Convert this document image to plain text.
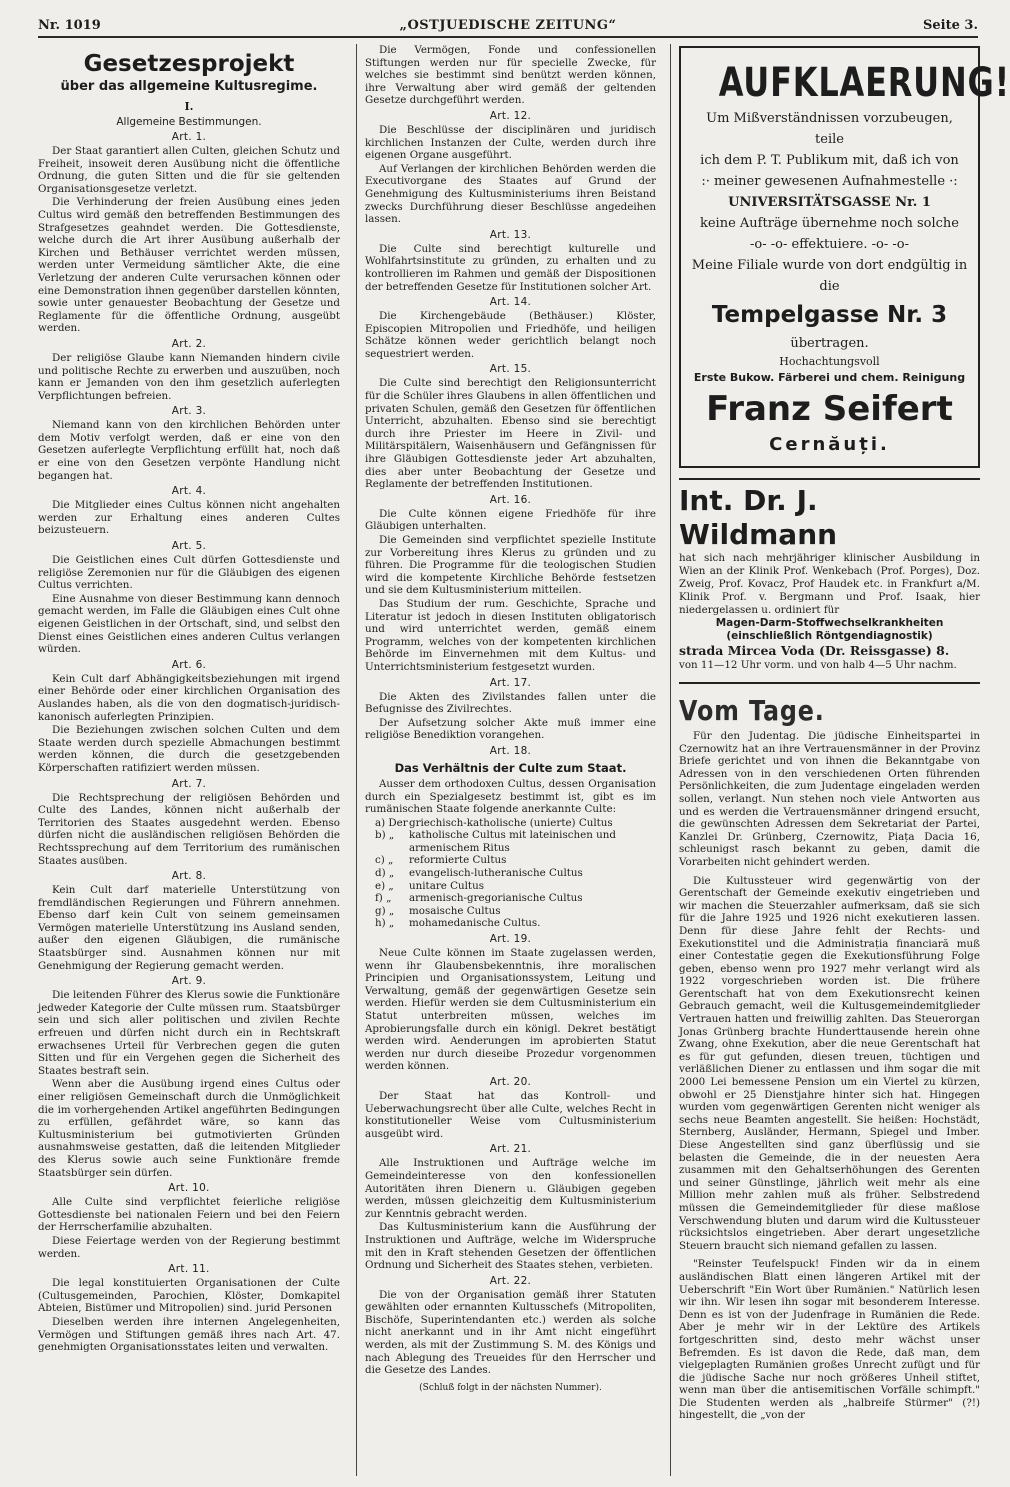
Nr. 1019	„OSTJUEDISCHE ZEITUNG“	Seite 3.
Gesetzesprojekt
über das allgemeine Kultusregime.
I.
Allgemeine Bestimmungen.
Art. 1.

Der Staat garantiert allen Culten, gleichen Schutz und Freiheit, insoweit deren Ausübung nicht die öffentliche Ordnung, die guten Sitten und die für sie geltenden Organisationsgesetze verletzt.

Die Verhinderung der freien Ausübung eines jeden Cultus wird gemäß den betreffenden Bestimmungen des Strafgesetzes geahndet werden. Die Gottesdienste, welche durch die Art ihrer Ausübung außerhalb der Kirchen und Bethäuser verrichtet werden müssen, werden unter Vermeidung sämtlicher Akte, die eine Verletzung der anderen Culte verursachen können oder eine Demonstration ihnen gegenüber darstellen könnten, sowie unter genauester Beobachtung der Gesetze und Reglamente für die öffentliche Ordnung, ausgeübt werden.

Art. 2.

Der religiöse Glaube kann Niemanden hindern civile und politische Rechte zu erwerben und auszuüben, noch kann er Jemanden von den ihm gesetzlich auferlegten Verpflichtungen befreien.

Art. 3.

Niemand kann von den kirchlichen Behörden unter dem Motiv verfolgt werden, daß er eine von den Gesetzen auferlegte Verpflichtung erfüllt hat, noch daß er eine von den Gesetzen verpönte Handlung nicht begangen hat.

Art. 4.

Die Mitglieder eines Cultus können nicht angehalten werden zur Erhaltung eines anderen Cultes beizusteuern.

Art. 5.

Die Geistlichen eines Cult dürfen Gottesdienste und religiöse Zeremonien nur für die Gläubigen des eigenen Cultus verrichten.

Eine Ausnahme von dieser Bestimmung kann dennoch gemacht werden, im Falle die Gläubigen eines Cult ohne eigenen Geistlichen in der Ortschaft, sind, und selbst den Dienst eines Geistlichen eines anderen Cultus verlangen würden.

Art. 6.

Kein Cult darf Abhängigkeitsbeziehungen mit irgend einer Behörde oder einer kirchlichen Organisation des Auslandes haben, als die von den dogmatisch-juridisch-kanonisch auferlegten Prinzipien.

Die Beziehungen zwischen solchen Culten und dem Staate werden durch spezielle Abmachungen bestimmt werden können, die durch die gesetzgebenden Körperschaften ratifiziert werden müssen.

Art. 7.

Die Rechtsprechung der religiösen Behörden und Culte des Landes, können nicht außerhalb der Territorien des Staates ausgedehnt werden. Ebenso dürfen nicht die ausländischen religiösen Behörden die Rechtssprechung auf dem Territorium des rumänischen Staates ausüben.

Art. 8.

Kein Cult darf materielle Unterstützung von fremdländischen Regierungen und Führern annehmen. Ebenso darf kein Cult von seinem gemeinsamen Vermögen materielle Unterstützung ins Ausland senden, außer den eigenen Gläubigen, die rumänische Staatsbürger sind. Ausnahmen können nur mit Genehmigung der Regierung gemacht werden.

Art. 9.

Die leitenden Führer des Klerus sowie die Funktionäre jedweder Kategorie der Culte müssen rum. Staatsbürger sein und sich aller politischen und zivilen Rechte erfreuen und dürfen nicht durch ein in Rechtskraft erwachsenes Urteil für Verbrechen gegen die guten Sitten und für ein Vergehen gegen die Sicherheit des Staates bestraft sein.

Wenn aber die Ausübung irgend eines Cultus oder einer religiösen Gemeinschaft durch die Unmöglichkeit die im vorhergehenden Artikel angeführten Bedingungen zu erfüllen, gefährdet wäre, so kann das Kultusministerium bei gutmotivierten Gründen ausnahmsweise gestatten, daß die leitenden Mitglieder des Klerus sowie auch seine Funktionäre fremde Staatsbürger sein dürfen.

Art. 10.

Alle Culte sind verpflichtet feierliche religiöse Gottesdienste bei nationalen Feiern und bei den Feiern der Herrscherfamilie abzuhalten.

Diese Feiertage werden von der Regierung bestimmt werden.

Art. 11.

Die legal konstituierten Organisationen der Culte (Cultusgemeinden, Parochien, Klöster, Domkapitel Abteien, Bistümer und Mitropolien) sind. jurid Personen

Dieselben werden ihre internen Angelegenheiten, Vermögen und Stiftungen gemäß ihres nach Art. 47. genehmigten Organisationsstates leiten und verwalten.

Die Vermögen, Fonde und confessionellen Stiftungen werden nur für specielle Zwecke, für welches sie bestimmt sind benützt werden können, ihre Verwaltung aber wird gemäß der geltenden Gesetze durchgeführt werden.

Art. 12.

Die Beschlüsse der disciplinären und juridisch kirchlichen Instanzen der Culte, werden durch ihre eigenen Organe ausgeführt.

Auf Verlangen der kirchlichen Behörden werden die Executivorgane des Staates auf Grund der Genehmigung des Kultusministeriums ihren Beistand zwecks Durchführung dieser Beschlüsse angedeihen lassen.

Art. 13.

Die Culte sind berechtigt kulturelle und Wohlfahrtsinstitute zu gründen, zu erhalten und zu kontrollieren im Rahmen und gemäß der Dispositionen der betreffenden Gesetze für Institutionen solcher Art.

Art. 14.

Die Kirchengebäude (Bethäuser.) Klöster, Episcopien Mitropolien und Friedhöfe, und heiligen Schätze können weder gerichtlich belangt noch sequestriert werden.

Art. 15.

Die Culte sind berechtigt den Religionsunterricht für die Schüler ihres Glaubens in allen öffentlichen und privaten Schulen, gemäß den Gesetzen für öffentlichen Unterricht, abzuhalten. Ebenso sind sie berechtigt durch ihre Priester im Heere in Zivil- und Militärspitälern, Waisenhäusern und Gefängnissen für ihre Gläubigen Gottesdienste jeder Art abzuhalten, dies aber unter Beobachtung der Gesetze und Reglamente der betreffenden Institutionen.

Art. 16.

Die Culte können eigene Friedhöfe für ihre Gläubigen unterhalten.

Die Gemeinden sind verpflichtet spezielle Institute zur Vorbereitung ihres Klerus zu gründen und zu führen. Die Programme für die teologischen Studien wird die kompetente Kirchliche Behörde festsetzen und sie dem Kultusministerium mitteilen.

Das Studium der rum. Geschichte, Sprache und Literatur ist jedoch in diesen Instituten obligatorisch und wird unterrichtet werden, gemäß einem Programm, welches von der kompetenten kirchlichen Behörde im Einvernehmen mit dem Kultus- und Unterrichtsministerium festgesetzt wurden.

Art. 17.

Die Akten des Zivilstandes fallen unter die Befugnisse des Zivilrechtes.

Der Aufsetzung solcher Akte muß immer eine religiöse Benediktion vorangehen.

Art. 18.
Das Verhältnis der Culte zum Staat.

Ausser dem orthodoxen Cultus, dessen Organisation durch ein Spezialgesetz bestimmt ist, gibt es im rumänischen Staate folgende anerkannte Culte:

a) Der griechisch-katholische (unierte) Cultus
b) „	katholische Cultus mit lateinischen und armenischem Ritus
c) „	reformierte Cultus
d) „	evangelisch-lutheranische Cultus
e) „	unitare Cultus
f) „	armenisch-gregorianische Cultus
g) „	mosaische Cultus
h) „	mohamedanische Cultus.
Art. 19.

Neue Culte können im Staate zugelassen werden, wenn ihr Glaubensbekenntnis, ihre moralischen Principien und Organisationssystem, Leitung und Verwaltung, gemäß der gegenwärtigen Gesetze sein werden. Hiefür werden sie dem Cultusministerium ein Statut unterbreiten müssen, welches im Aprobierungsfalle durch ein königl. Dekret bestätigt werden wird. Aenderungen im aprobierten Statut werden nur durch dieseibe Prozedur vorgenommen werden können.

Art. 20.

Der Staat hat das Kontroll- und Ueberwachungsrecht über alle Culte, welches Recht in konstitutioneller Weise vom Cultusministerium ausgeübt wird.

Art. 21.

Alle Instruktionen und Aufträge welche im Gemeindeinteresse von den konfessionellen Autoritäten ihren Dienern u. Gläubigen gegeben werden, müssen gleichzeitig dem Kultusministerium zur Kenntnis gebracht werden.

Das Kultusministerium kann die Ausführung der Instruktionen und Aufträge, welche im Widerspruche mit den in Kraft stehenden Gesetzen der öffentlichen Ordnung und Sicherheit des Staates stehen, verbieten.

Art. 22.

Die von der Organisation gemäß ihrer Statuten gewählten oder ernannten Kultusschefs (Mitropoliten, Bischöfe, Superintendanten etc.) werden als solche nicht anerkannt und in ihr Amt nicht eingeführt werden, als mit der Zustimmung S. M. des Königs und nach Ablegung des Treueides für den Herrscher und die Gesetze des Landes.

(Schluß folgt in der nächsten Nummer).
AUFKLAERUNG!
Um Mißverständnissen vorzubeugen, teile
ich dem P. T. Publikum mit, daß ich von
:· meiner gewesenen Aufnahmestelle ·:
UNIVERSITÄTSGASSE Nr. 1
keine Aufträge übernehme noch solche
-o- -o- effektuiere. -o- -o-
Meine Filiale wurde von dort endgültig in die
Tempelgasse Nr. 3
übertragen.
Hochachtungsvoll
Erste Bukow. Färberei und chem. Reinigung
Franz Seifert
Cernăuți.
Int. Dr. J. Wildmann
hat sich nach mehrjähriger klinischer Ausbildung in Wien an der Klinik Prof. Wenkebach (Prof. Porges), Doz. Zweig, Prof. Kovacz, Prof Haudek etc. in Frankfurt a/M. Klinik Prof. v. Bergmann und Prof. Isaak, hier niedergelassen u. ordiniert für
Magen-Darm-Stoffwechselkrankheiten
(einschließlich Röntgendiagnostik)
strada Mircea Voda (Dr. Reissgasse) 8.
von 11—12 Uhr vorm. und von halb 4—5 Uhr nachm.
Vom Tage.

Für den Judentag. Die jüdische Einheitspartei in Czernowitz hat an ihre Vertrauensmänner in der Provinz Briefe gerichtet und von ihnen die Bekanntgabe von Adressen von in den verschiedenen Orten führenden Persönlichkeiten, die zum Judentage eingeladen werden sollen, verlangt. Nun stehen noch viele Antworten aus und es werden die Vertrauensmänner dringend ersucht, die gewünschten Adressen dem Sekretariat der Partei, Kanzlei Dr. Grünberg, Czernowitz, Piața Dacia 16, schleunigst rasch bekannt zu geben, damit die Vorarbeiten nicht gehindert werden.

Die Kultussteuer wird gegenwärtig von der Gerentschaft der Gemeinde exekutiv eingetrieben und wir machen die Steuerzahler aufmerksam, daß sie sich für die Jahre 1925 und 1926 nicht exekutieren lassen. Denn für diese Jahre fehlt der Rechts- und Exekutionstitel und die Administrația financiară muß einer Contestație gegen die Exekutionsführung Folge geben, ebenso wenn pro 1927 mehr verlangt wird als 1922 vorgeschrieben worden ist. Die frühere Gerentschaft hat von dem Exekutionsrecht keinen Gebrauch gemacht, weil die Kultusgemeindemitglieder Vertrauen hatten und freiwillig zahlten. Das Steuerorgan Jonas Grünberg brachte Hunderttausende herein ohne Zwang, ohne Exekution, aber die neue Gerentschaft hat es für gut gefunden, diesen treuen, tüchtigen und verläßlichen Diener zu entlassen und ihm sogar die mit 2000 Lei bemessene Pension um ein Viertel zu kürzen, obwohl er 25 Dienstjahre hinter sich hat. Hingegen wurden vom gegenwärtigen Gerenten nicht weniger als sechs neue Beamten angestellt. Sie heißen: Hochstädt, Sternberg, Ausländer, Hermann, Spiegel und Imber. Diese Angestellten sind ganz überflüssig und sie belasten die Gemeinde, die in der neuesten Aera zusammen mit den Gehaltserhöhungen des Gerenten und seiner Günstlinge, jährlich weit mehr als eine Million mehr zahlen muß als früher. Selbstredend müssen die Gemeindemitglieder für diese maßlose Verschwendung bluten und darum wird die Kultussteuer rücksichtslos eingetrieben. Aber derart ungesetzliche Steuern braucht sich niemand gefallen zu lassen.

"Reinster Teufelspuck! Finden wir da in einem ausländischen Blatt einen längeren Artikel mit der Ueberschrift "Ein Wort über Rumänien." Natürlich lesen wir ihn. Wir lesen ihn sogar mit besonderem Interesse. Denn es ist von der Judenfrage in Rumänien die Rede. Aber je mehr wir in der Lektüre des Artikels fortgeschritten sind, desto mehr wächst unser Befremden. Es ist davon die Rede, daß man, dem vielgeplagten Rumänien großes Unrecht zufügt und für die jüdische Sache nur noch größeres Unheil stiftet, wenn man über die antisemitischen Vorfälle schimpft." Die Studenten werden als „halbreife Stürmer" (?!) hingestellt, die „von der
